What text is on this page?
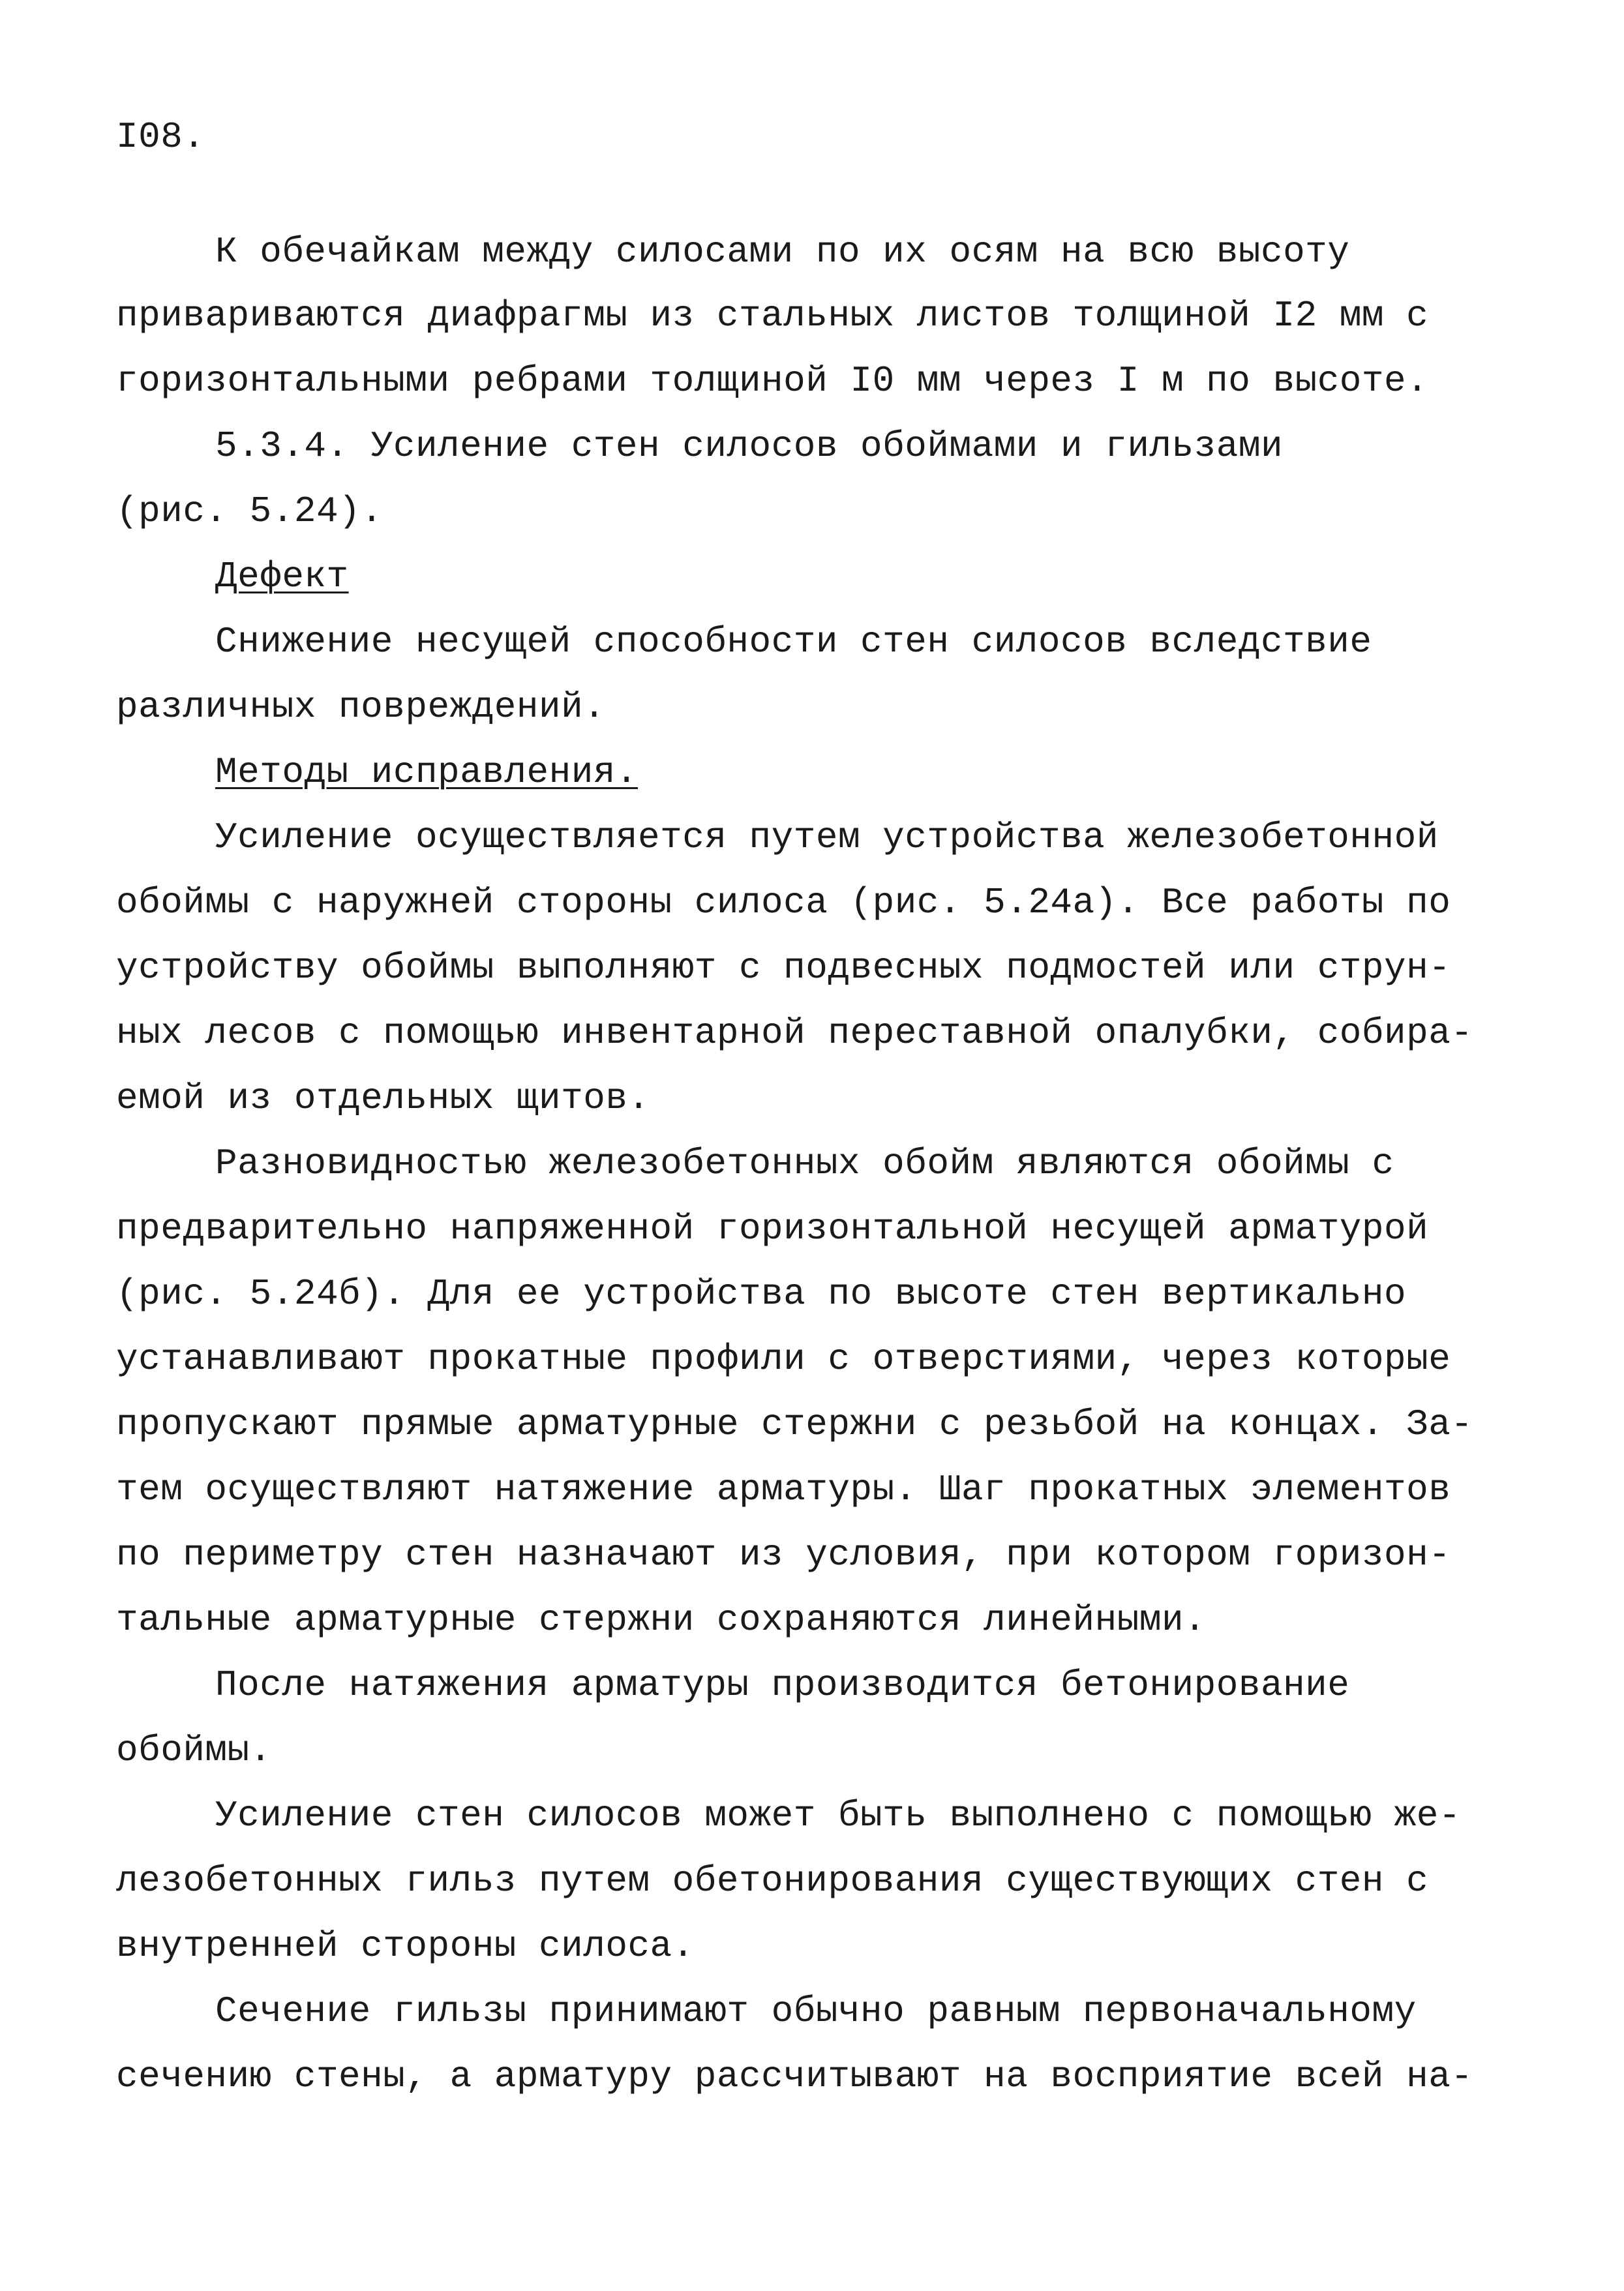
I08.
К обечайкам между силосами по их осям на всю высоту
привариваются диафрагмы из стальных листов толщиной I2 мм с
горизонтальными ребрами толщиной I0 мм через I м по высоте.
5.3.4. Усиление стен силосов обоймами и гильзами
(рис. 5.24).
Дефект
Снижение несущей способности стен силосов вследствие
различных повреждений.
Методы исправления.
Усиление осуществляется путем устройства железобетонной
обоймы с наружней стороны силоса (рис. 5.24а). Все работы по
устройству обоймы выполняют с подвесных подмостей или струн-
ных лесов с помощью инвентарной переставной опалубки, собира-
емой из отдельных щитов.
Разновидностью железобетонных обойм являются обоймы с
предварительно напряженной горизонтальной несущей арматурой
(рис. 5.24б). Для ее устройства по высоте стен вертикально
устанавливают прокатные профили с отверстиями, через которые
пропускают прямые арматурные стержни с резьбой на концах. За-
тем осуществляют натяжение арматуры. Шаг прокатных элементов
по периметру стен назначают из условия, при котором горизон-
тальные арматурные стержни сохраняются линейными.
После натяжения арматуры производится бетонирование
обоймы.
Усиление стен силосов может быть выполнено с помощью же-
лезобетонных гильз путем обетонирования существующих стен с
внутренней стороны силоса.
Сечение гильзы принимают обычно равным первоначальному
сечению стены, а арматуру рассчитывают на восприятие всей на-
